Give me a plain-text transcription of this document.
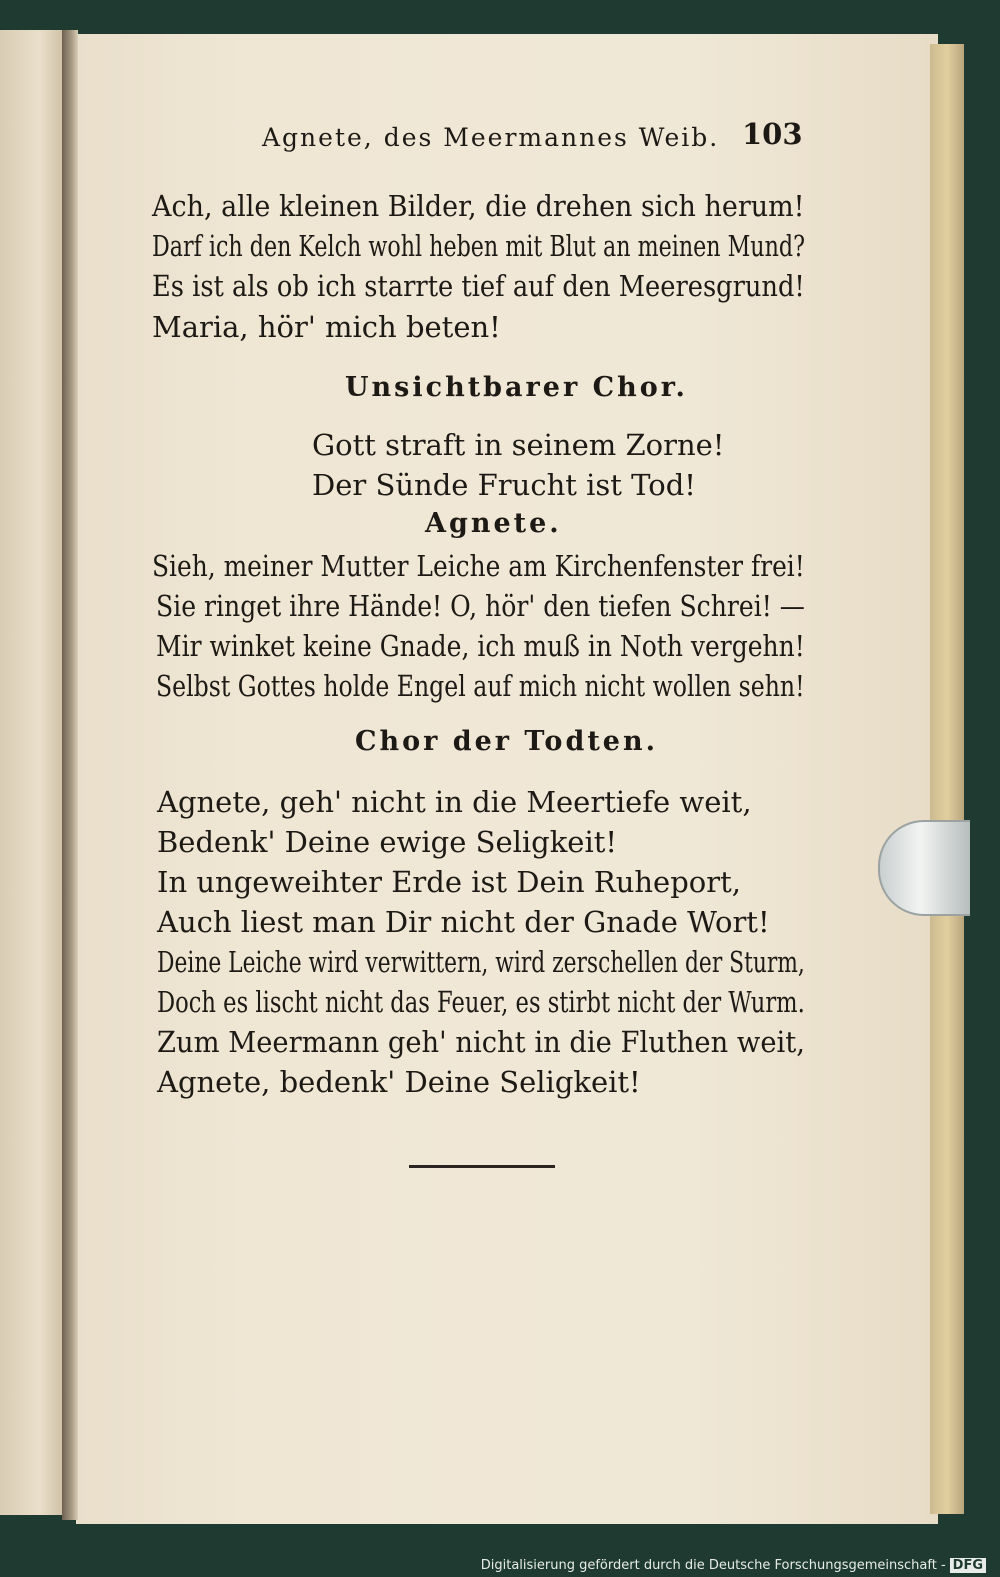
Agnete, des Meermannes Weib. 103
Ach, alle kleinen Bilder, die drehen sich herum!
Darf ich den Kelch wohl heben mit Blut an meinen Mund?
Es ist als ob ich starrte tief auf den Meeresgrund!
Maria, hör' mich beten!
Unsichtbarer Chor.
Gott straft in seinem Zorne!
Der Sünde Frucht ist Tod!
Agnete.
Sieh, meiner Mutter Leiche am Kirchenfenster frei!
Sie ringet ihre Hände! O, hör' den tiefen Schrei! —
Mir winket keine Gnade, ich muß in Noth vergehn!
Selbst Gottes holde Engel auf mich nicht wollen sehn!
Chor der Todten.
Agnete, geh' nicht in die Meertiefe weit,
Bedenk' Deine ewige Seligkeit!
In ungeweihter Erde ist Dein Ruheport,
Auch liest man Dir nicht der Gnade Wort!
Deine Leiche wird verwittern, wird zerschellen der Sturm,
Doch es lischt nicht das Feuer, es stirbt nicht der Wurm.
Zum Meermann geh' nicht in die Fluthen weit,
Agnete, bedenk' Deine Seligkeit!
Digitalisierung gefördert durch die Deutsche Forschungsgemeinschaft - DFG
